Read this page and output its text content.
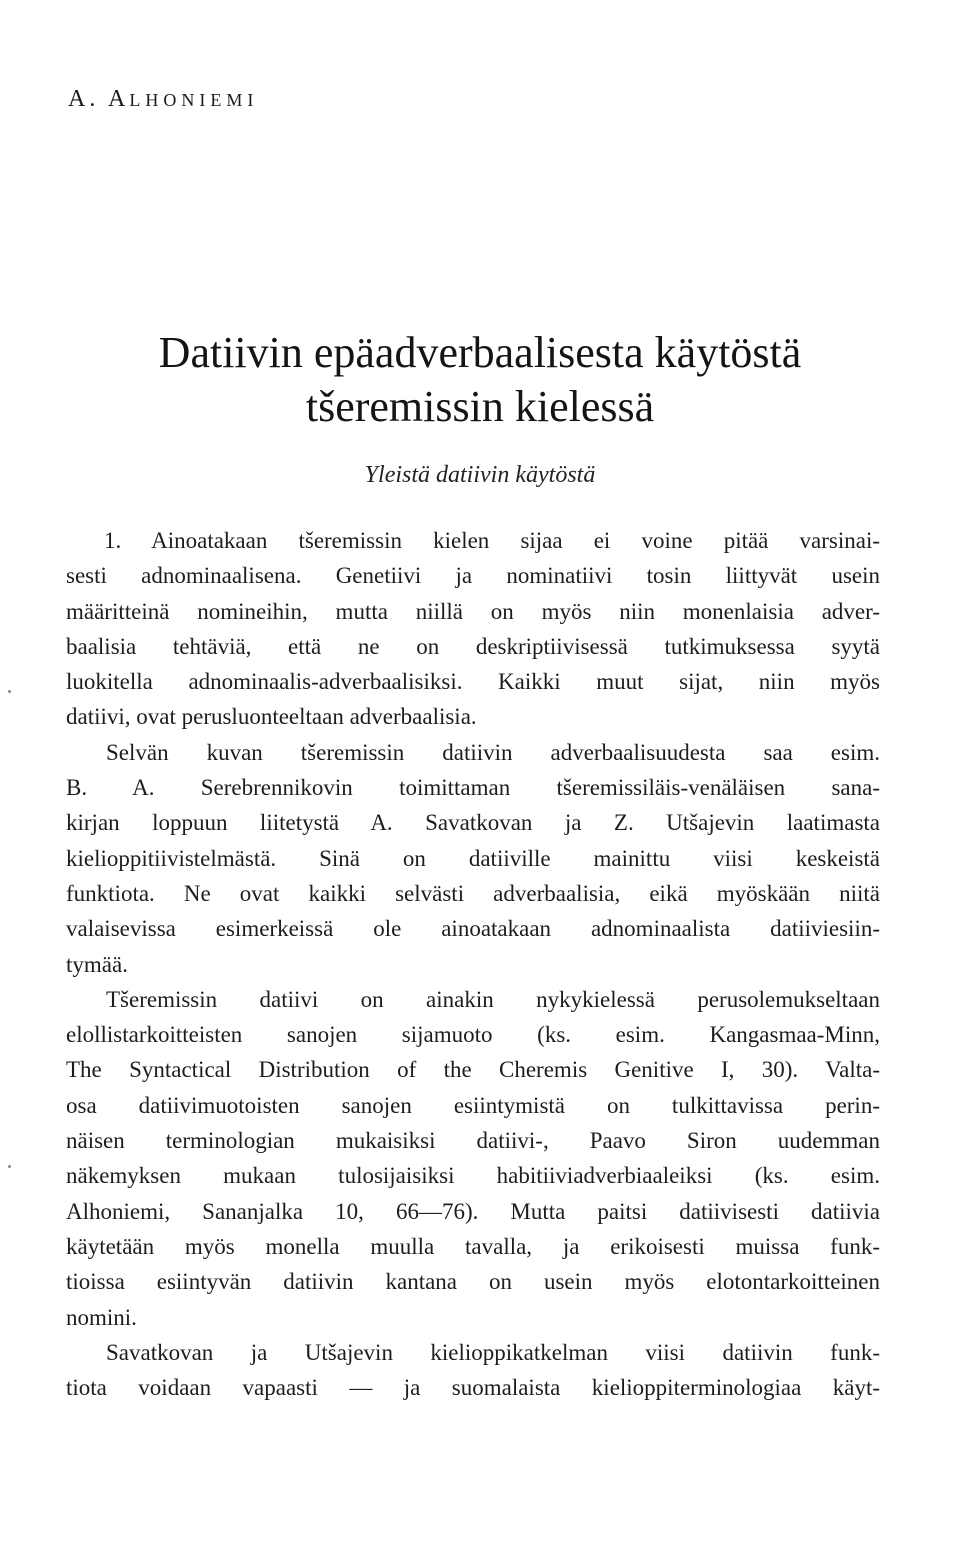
A. ALHONIEMI
Datiivin epäadverbaalisesta käytöstä
tšeremissin kielessä
Yleistä datiivin käytöstä
1. Ainoatakaan tšeremissin kielen sijaa ei voine pitää varsinai-
sesti adnominaalisena. Genetiivi ja nominatiivi tosin liittyvät usein
määritteinä nomineihin, mutta niillä on myös niin monenlaisia adver-
baalisia tehtäviä, että ne on deskriptiivisessä tutkimuksessa syytä
luokitella adnominaalis-adverbaalisiksi. Kaikki muut sijat, niin myös
datiivi, ovat perusluonteeltaan adverbaalisia.
Selvän kuvan tšeremissin datiivin adverbaalisuudesta saa esim.
B. A. Serebrennikovin toimittaman tšeremissiläis-venäläisen sana-
kirjan loppuun liitetystä A. Savatkovan ja Z. Utšajevin laatimasta
kielioppitiivistelmästä. Sinä on datiiville mainittu viisi keskeistä
funktiota. Ne ovat kaikki selvästi adverbaalisia, eikä myöskään niitä
valaisevissa esimerkeissä ole ainoatakaan adnominaalista datiiviesiin-
tymää.
Tšeremissin datiivi on ainakin nykykielessä perusolemukseltaan
elollistarkoitteisten sanojen sijamuoto (ks. esim. Kangasmaa-Minn,
The Syntactical Distribution of the Cheremis Genitive I, 30). Valta-
osa datiivimuotoisten sanojen esiintymistä on tulkittavissa perin-
näisen terminologian mukaisiksi datiivi-, Paavo Siron uudemman
näkemyksen mukaan tulosijaisiksi habitiiviadverbiaaleiksi (ks. esim.
Alhoniemi, Sananjalka 10, 66—76). Mutta paitsi datiivisesti datiivia
käytetään myös monella muulla tavalla, ja erikoisesti muissa funk-
tioissa esiintyvän datiivin kantana on usein myös elotontarkoitteinen
nomini.
Savatkovan ja Utšajevin kielioppikatkelman viisi datiivin funk-
tiota voidaan vapaasti — ja suomalaista kielioppiterminologiaa käyt-
